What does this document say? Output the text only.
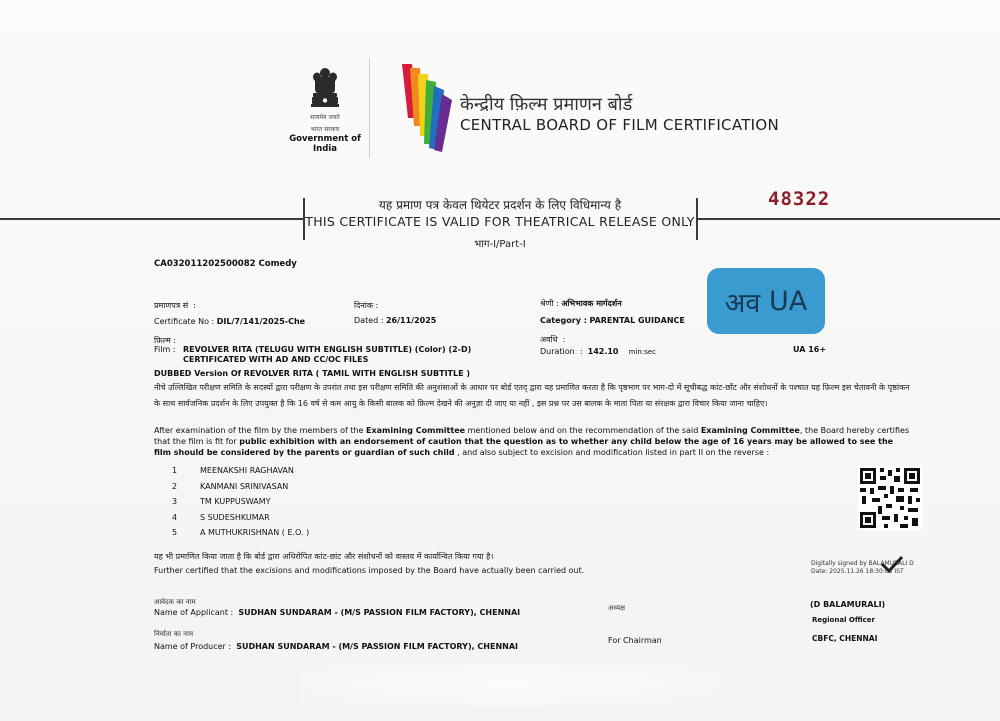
सत्यमेव जयते
भारत सरकार
Government of India
केन्द्रीय फ़िल्म प्रमाणन बोर्ड
CENTRAL BOARD OF FILM CERTIFICATION
48322
यह प्रमाण पत्र केवल थियेटर प्रदर्शन के लिए विधिमान्य है
THIS CERTIFICATE IS VALID FOR THEATRICAL RELEASE ONLY
भाग-I/Part-I
CA032011202500082 Comedy
प्रमाणपत्र सं  :
Certificate No : DIL/7/141/2025-Che
दिनांक :
Dated : 26/11/2025
श्रेणी : अभिभावक मार्गदर्शन
Category : PARENTAL GUIDANCE
फ़िल्म :
Film : REVOLVER RITA (TELUGU WITH ENGLISH SUBTITLE) (Color) (2-D)
CERTIFICATED WITH AD AND CC/OC FILES
अवधि  :
Duration  :  142.10 min:sec
DUBBED Version Of REVOLVER RITA ( TAMIL WITH ENGLISH SUBTITLE )
अव
UA
UA 16+
नीचे उल्लिखित परीक्षण समिति के सदस्यों द्वारा परीक्षण के उपरांत तथा इस परीक्षण समिति की अनुशंसाओं के आधार पर बोर्ड एतद् द्वारा यह प्रमाणित करता है कि पृष्ठभाग पर भाग-दो में सूचीबद्ध कांट-छाँट और संशोधनों के पश्चात यह फ़िल्म इस चेतावनी के पृष्ठांकन के साथ सार्वजनिक प्रदर्शन के लिए उपयुक्त है कि 16 वर्ष से कम आयु के किसी बालक को फ़िल्म देखने की अनुज्ञा दी जाए या नहीं , इस प्रश्न पर उस बालक के माता पिता या संरक्षक द्वारा विचार किया जाना चाहिए।
After examination of the film by the members of the Examining Committee mentioned below and on the recommendation of the said Examining Committee, the Board hereby certifies that the film is fit for public exhibition with an endorsement of caution that the question as to whether any child below the age of 16 years may be allowed to see the film should be considered by the parents or guardian of such child , and also subject to excision and modification listed in part II on the reverse :
1	MEENAKSHI RAGHAVAN
2	KANMANI SRINIVASAN
3	TM KUPPUSWAMY
4	S SUDESHKUMAR
5	A MUTHUKRISHNAN ( E.O. )
यह भी प्रमाणित किया जाता है कि बोर्ड द्वारा अधिरोपित कांट-छांट और संशोधनों को वास्तव में कार्यान्वित किया गया है।
Further certified that the excisions and modifications imposed by the Board have actually been carried out.
Digitally signed by BALAMURALI D
Date: 2025.11.26 18:30:03 IST
आवेदक का नाम
Name of Applicant : SUDHAN SUNDARAM - (M/S PASSION FILM FACTORY), CHENNAI
निर्माता का नाम
Name of Producer : SUDHAN SUNDARAM - (M/S PASSION FILM FACTORY), CHENNAI
अध्यक्ष
For Chairman
(D BALAMURALI)
Regional Officer
CBFC, CHENNAI
